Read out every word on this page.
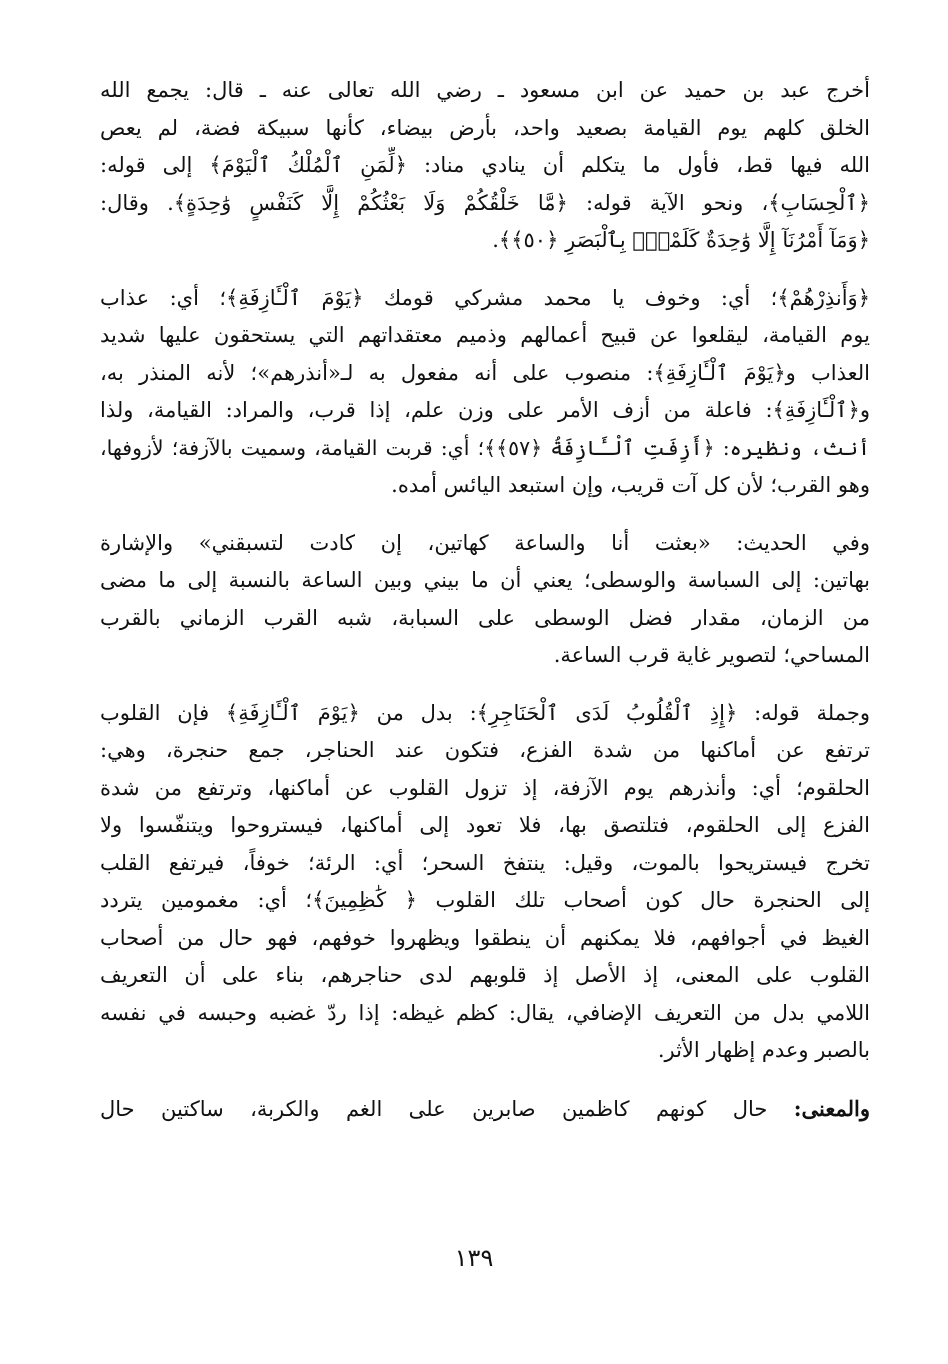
أخرج عبد بن حميد عن ابن مسعود ـ رضي الله تعالى عنه ـ قال: يجمع الله
الخلق كلهم يوم القيامة بصعيد واحد، بأرض بيضاء، كأنها سبيكة فضة، لم يعص
الله فيها قط، فأول ما يتكلم أن ينادي مناد: ﴿لِّمَنِ ٱلْمُلْكُ ٱلْيَوْمَ﴾ إلى قوله:
﴿ٱلْحِسَابِ﴾، ونحو الآية قوله: ﴿مَّا خَلْقُكُمْ وَلَا بَعْثُكُمْ إِلَّا كَنَفْسٍ وَٰحِدَةٍ﴾. وقال:
﴿وَمَآ أَمْرُنَآ إِلَّا وَٰحِدَةٌ كَلَمْحٍۭ بِٱلْبَصَرِ ﴿٥٠﴾﴾.
﴿وَأَنذِرْهُمْ﴾؛ أي: وخوف يا محمد مشركي قومك ﴿يَوْمَ ٱلْـَٔازِفَةِ﴾؛ أي: عذاب
يوم القيامة، ليقلعوا عن قبيح أعمالهم وذميم معتقداتهم التي يستحقون عليها شديد
العذاب و﴿يَوْمَ ٱلْـَٔازِفَةِ﴾: منصوب على أنه مفعول به لـ«أنذرهم»؛ لأنه المنذر به،
و﴿ٱلْـَٔازِفَةِ﴾: فاعلة من أزف الأمر على وزن علم، إذا قرب، والمراد: القيامة، ولذا
أنث، ونظيره: ﴿أَزِفَتِ ٱلْـَٔازِفَةُ ﴿٥٧﴾﴾؛ أي: قربت القيامة، وسميت بالآزفة؛ لأزوفها،
وهو القرب؛ لأن كل آت قريب، وإن استبعد اليائس أمده.
وفي الحديث: «بعثت أنا والساعة كهاتين، إن كادت لتسبقني» والإشارة
بهاتين: إلى السباسة والوسطى؛ يعني أن ما بيني وبين الساعة بالنسبة إلى ما مضى
من الزمان، مقدار فضل الوسطى على السبابة، شبه القرب الزماني بالقرب
المساحي؛ لتصوير غاية قرب الساعة.
وجملة قوله: ﴿إِذِ ٱلْقُلُوبُ لَدَى ٱلْحَنَاجِرِ﴾: بدل من ﴿يَوْمَ ٱلْـَٔازِفَةِ﴾ فإن القلوب
ترتفع عن أماكنها من شدة الفزع، فتكون عند الحناجر، جمع حنجرة، وهي:
الحلقوم؛ أي: وأنذرهم يوم الآزفة، إذ تزول القلوب عن أماكنها، وترتفع من شدة
الفزع إلى الحلقوم، فتلتصق بها، فلا تعود إلى أماكنها، فيستروحوا ويتنفّسوا ولا
تخرج فيستريحوا بالموت، وقيل: ينتفخ السحر؛ أي: الرئة؛ خوفاً، فيرتفع القلب
إلى الحنجرة حال كون أصحاب تلك القلوب ﴿ كَٰظِمِينَ﴾؛ أي: مغمومين يتردد
الغيظ في أجوافهم، فلا يمكنهم أن ينطقوا ويظهروا خوفهم، فهو حال من أصحاب
القلوب على المعنى، إذ الأصل إذ قلوبهم لدى حناجرهم، بناء على أن التعريف
اللامي بدل من التعريف الإضافي، يقال: كظم غيظه: إذا ردّ غضبه وحبسه في نفسه
بالصبر وعدم إظهار الأثر.
والمعنى: حال كونهم كاظمين صابرين على الغم والكربة، ساكتين حال
١٣٩
